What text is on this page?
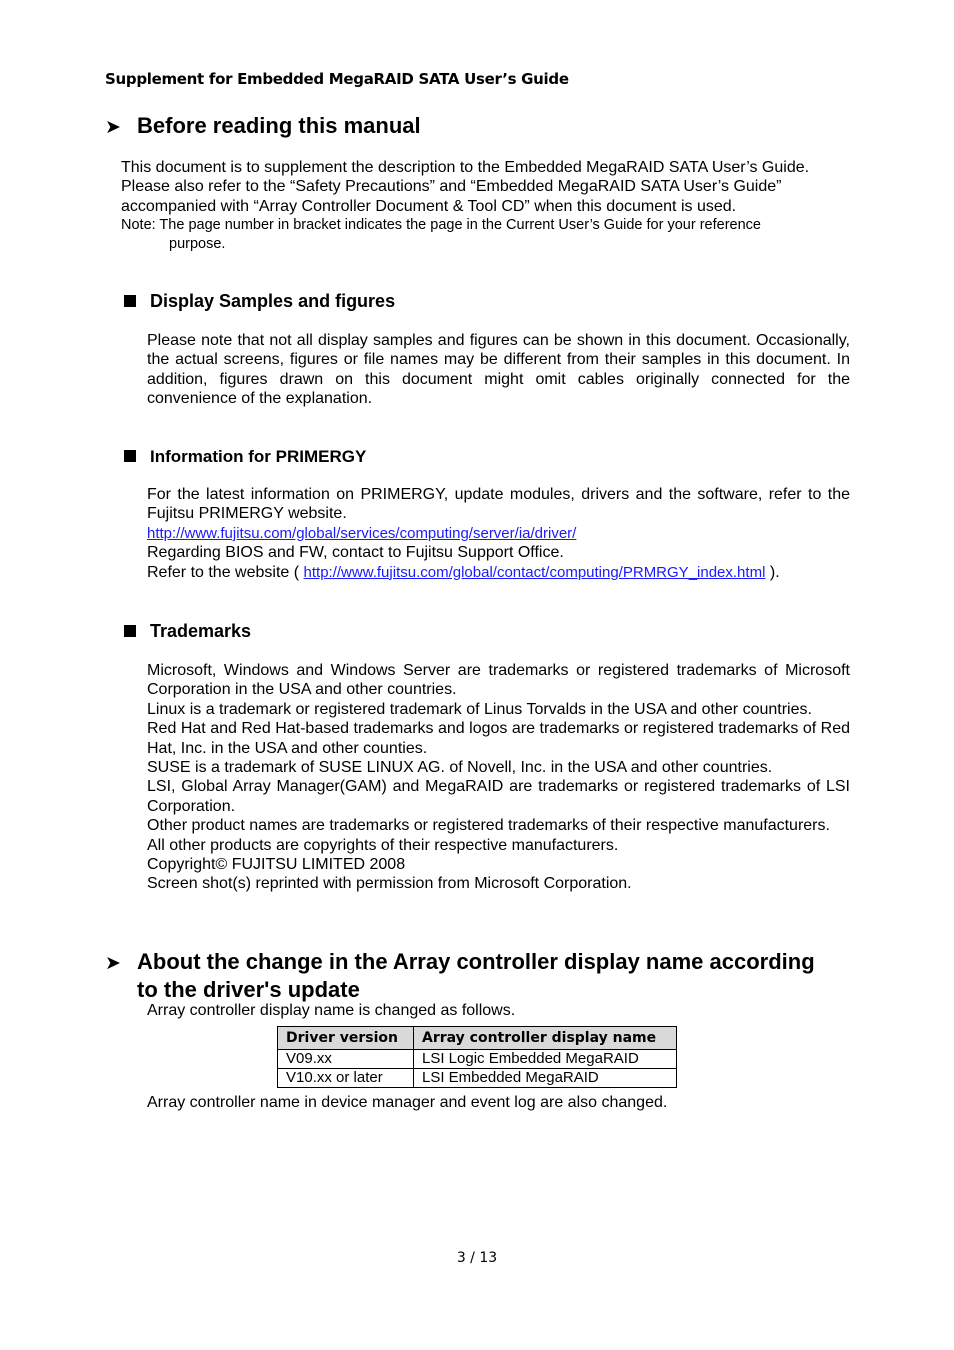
Supplement for Embedded MegaRAID SATA User’s Guide
➤ Before reading this manual

This document is to supplement the description to the Embedded MegaRAID SATA User’s Guide.

Please also refer to the “Safety Precautions” and “Embedded MegaRAID SATA User’s Guide”

accompanied with “Array Controller Document & Tool CD” when this document is used.

Note: The page number in bracket indicates the page in the Current User’s Guide for your reference
purpose.
Display Samples and figures

Please note that not all display samples and figures can be shown in this document. Occasionally, the actual screens, figures or file names may be different from their samples in this document. In addition, figures drawn on this document might omit cables originally connected for the convenience of the explanation.

Information for PRIMERGY

For the latest information on PRIMERGY, update modules, drivers and the software, refer to the Fujitsu PRIMERGY website.

http://www.fujitsu.com/global/services/computing/server/ia/driver/

Regarding BIOS and FW, contact to Fujitsu Support Office.

Refer to the website ( http://www.fujitsu.com/global/contact/computing/PRMRGY_index.html ).

Trademarks

Microsoft, Windows and Windows Server are trademarks or registered trademarks of Microsoft Corporation in the USA and other countries.

Linux is a trademark or registered trademark of Linus Torvalds in the USA and other countries.

Red Hat and Red Hat-based trademarks and logos are trademarks or registered trademarks of Red Hat, Inc. in the USA and other counties.

SUSE is a trademark of SUSE LINUX AG. of Novell, Inc. in the USA and other countries.

LSI, Global Array Manager(GAM) and MegaRAID are trademarks or registered trademarks of LSI Corporation.

Other product names are trademarks or registered trademarks of their respective manufacturers.

All other products are copyrights of their respective manufacturers.

Copyright© FUJITSU LIMITED 2008

Screen shot(s) reprinted with permission from Microsoft Corporation.

➤ About the change in the Array controller display name according
to the driver's update

Array controller display name is changed as follows.

Driver version	Array controller display name
V09.xx	LSI Logic Embedded MegaRAID
V10.xx or later	LSI Embedded MegaRAID

Array controller name in device manager and event log are also changed.

3 / 13
